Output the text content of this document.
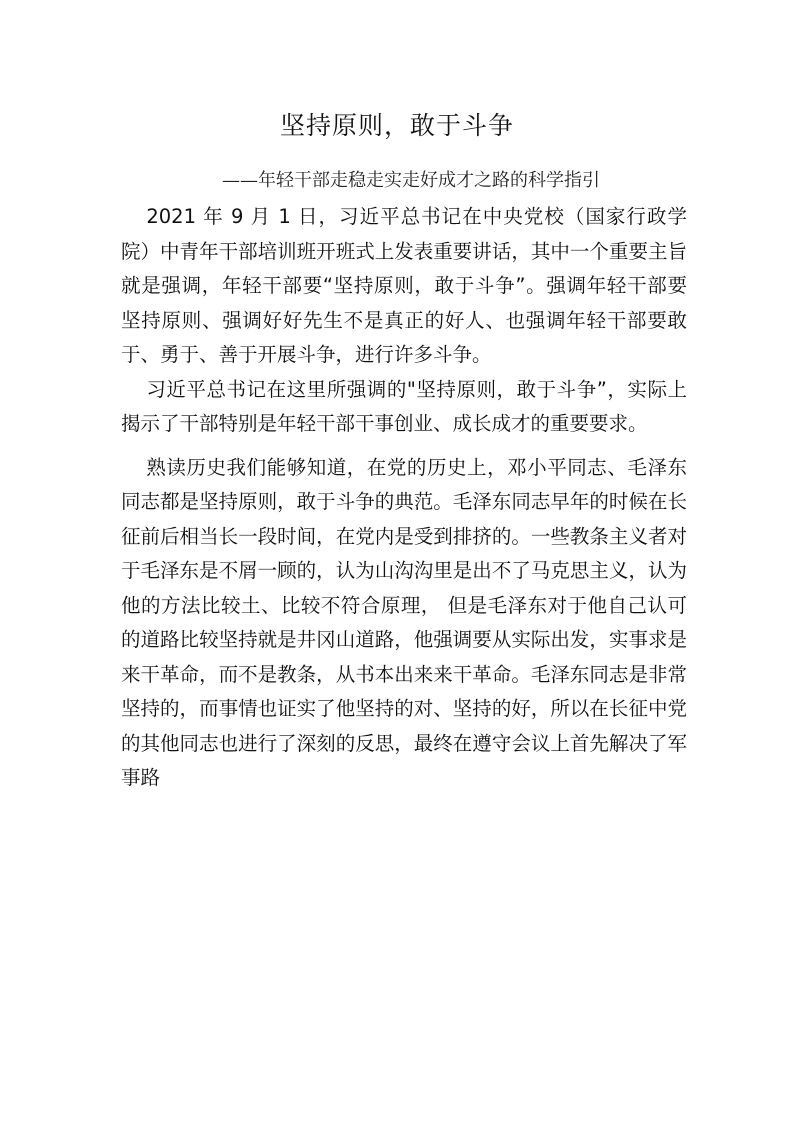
坚持原则，敢于斗争
——年轻干部走稳走实走好成才之路的科学指引

2021 年 9 月 1 日，习近平总书记在中央党校（国家行政学院）中青年干部培训班开班式上发表重要讲话，其中一个重要主旨就是强调，年轻干部要“坚持原则，敢于斗争”。强调年轻干部要坚持原则、强调好好先生不是真正的好人、也强调年轻干部要敢于、勇于、善于开展斗争，进行许多斗争。

习近平总书记在这里所强调的"坚持原则，敢于斗争”，实际上揭示了干部特别是年轻干部干事创业、成长成才的重要要求。

熟读历史我们能够知道，在党的历史上，邓小平同志、毛泽东同志都是坚持原则，敢于斗争的典范。毛泽东同志早年的时候在长征前后相当长一段时间，在党内是受到排挤的。一些教条主义者对于毛泽东是不屑一顾的，认为山沟沟里是出不了马克思主义，认为他的方法比较土、比较不符合原理， 但是毛泽东对于他自己认可的道路比较坚持就是井冈山道路，他强调要从实际出发，实事求是来干革命，而不是教条，从书本出来来干革命。毛泽东同志是非常坚持的，而事情也证实了他坚持的对、坚持的好，所以在长征中党的其他同志也进行了深刻的反思，最终在遵守会议上首先解决了军事路
